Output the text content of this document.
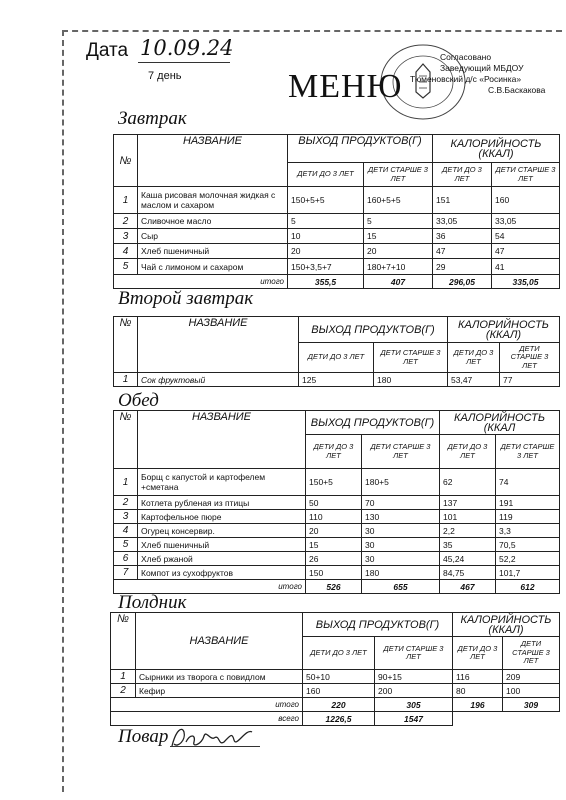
Дата 10.09.24
7 день	МЕНЮ
Согласовано
Заведующий МБДОУ
Тюменовский д/с «Росинка»
С.В.Баскакова
Завтрак
№	НАЗВАНИЕ	ВЫХОД ПРОДУКТОВ(Г)		КАЛОРИЙНОСТЬ (ККАЛ)	
		ДЕТИ ДО 3 ЛЕТ	ДЕТИ СТАРШЕ 3 ЛЕТ	ДЕТИ ДО 3 ЛЕТ	ДЕТИ СТАРШЕ 3 ЛЕТ
1	Каша рисовая молочная жидкая с маслом и сахаром	150+5+5	160+5+5	151	160
2	Сливочное масло	5	5	33,05	33,05
3	Сыр	10	15	36	54
4	Хлеб пшеничный	20	20	47	47
5	Чай с лимоном и сахаром	150+3,5+7	180+7+10	29	41
итого		355,5	407	296,05	335,05
Второй завтрак
№	НАЗВАНИЕ	ВЫХОД ПРОДУКТОВ(Г)		КАЛОРИЙНОСТЬ (ККАЛ)	
		ДЕТИ ДО 3 ЛЕТ	ДЕТИ СТАРШЕ 3 ЛЕТ	ДЕТИ ДО 3 ЛЕТ	ДЕТИ СТАРШЕ 3 ЛЕТ
1	Сок фруктовый	125	180	53,47	77
Обед
№	НАЗВАНИЕ	ВЫХОД ПРОДУКТОВ(Г)		КАЛОРИЙНОСТЬ (ККАЛ	
		ДЕТИ ДО 3 ЛЕТ	ДЕТИ СТАРШЕ 3 ЛЕТ	ДЕТИ ДО 3 ЛЕТ	ДЕТИ СТАРШЕ 3 ЛЕТ
1	Борщ с капустой и картофелем +сметана	150+5	180+5	62	74
2	Котлета рубленая из птицы	50	70	137	191
3	Картофельное пюре	110	130	101	119
4	Огурец консервир.	20	30	2,2	3,3
5	Хлеб пшеничный	15	30	35	70,5
6	Хлеб ржаной	26	30	45,24	52,2
7	Компот из сухофруктов	150	180	84,75	101,7
итого		526	655	467	612
Полдник
№	НАЗВАНИЕ	ВЫХОД ПРОДУКТОВ(Г)		КАЛОРИЙНОСТЬ (ККАЛ)	
		ДЕТИ ДО 3 ЛЕТ	ДЕТИ СТАРШЕ 3 ЛЕТ	ДЕТИ ДО 3 ЛЕТ	ДЕТИ СТАРШЕ 3 ЛЕТ
1	Сырники из творога с повидлом	50+10	90+15	116	209
2	Кефир	160	200	80	100
итого		220	305	196	309
всего		1226,5	1547		
Повар
